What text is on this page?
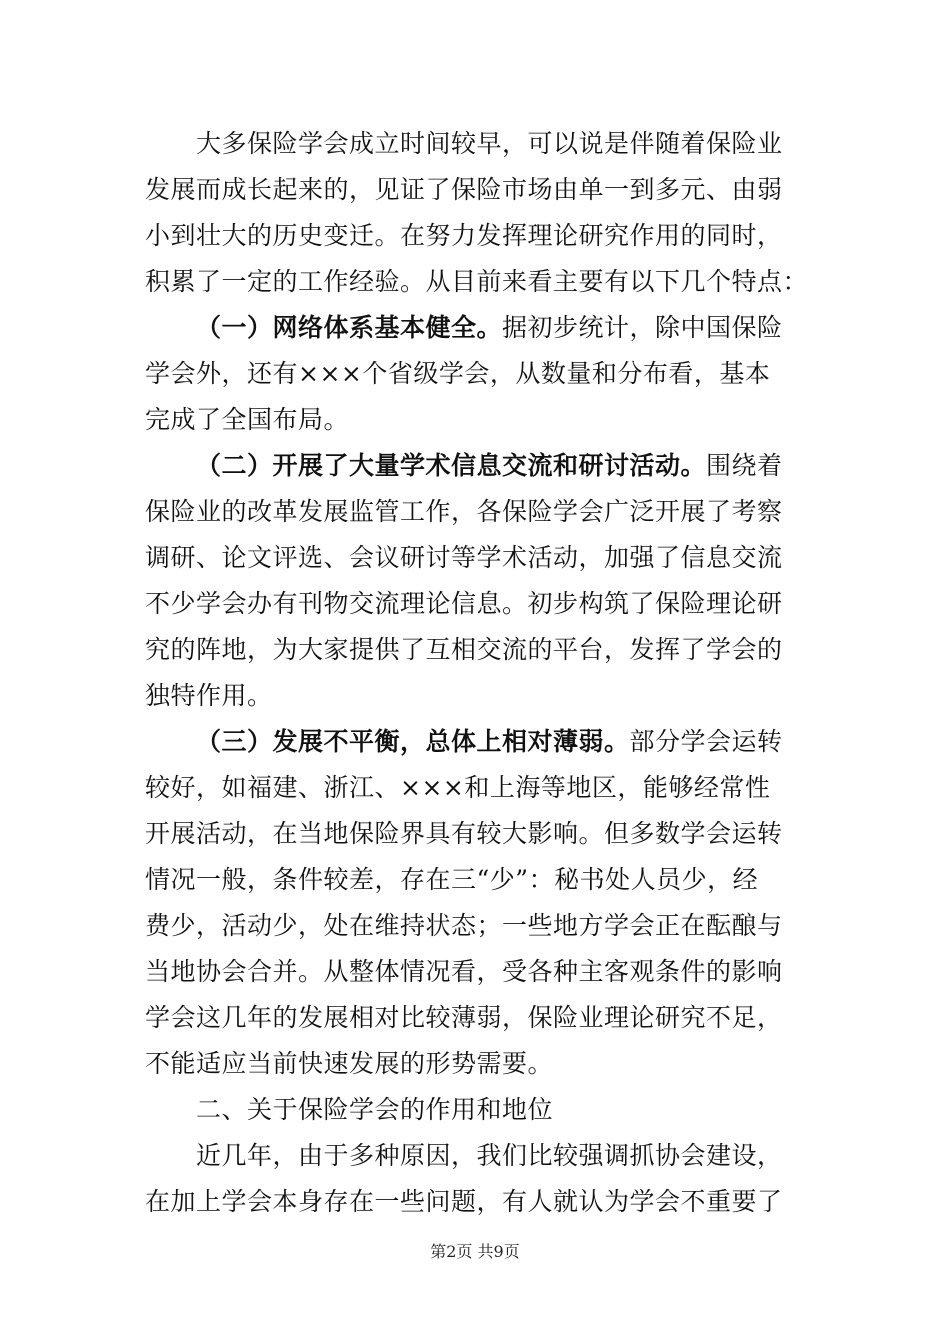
大多保险学会成立时间较早，可以说是伴随着保险业
发展而成长起来的，见证了保险市场由单一到多元、由弱
小到壮大的历史变迁。在努力发挥理论研究作用的同时，
积累了一定的工作经验。从目前来看主要有以下几个特点：
（一）网络体系基本健全。据初步统计，除中国保险
学会外，还有×××个省级学会，从数量和分布看，基本
完成了全国布局。
（二）开展了大量学术信息交流和研讨活动。围绕着
保险业的改革发展监管工作，各保险学会广泛开展了考察
调研、论文评选、会议研讨等学术活动，加强了信息交流
不少学会办有刊物交流理论信息。初步构筑了保险理论研
究的阵地，为大家提供了互相交流的平台，发挥了学会的
独特作用。
（三）发展不平衡，总体上相对薄弱。部分学会运转
较好，如福建、浙江、×××和上海等地区，能够经常性
开展活动，在当地保险界具有较大影响。但多数学会运转
情况一般，条件较差，存在三“少”：秘书处人员少，经
费少，活动少，处在维持状态；一些地方学会正在酝酿与
当地协会合并。从整体情况看，受各种主客观条件的影响
学会这几年的发展相对比较薄弱，保险业理论研究不足，
不能适应当前快速发展的形势需要。
二、关于保险学会的作用和地位
近几年，由于多种原因，我们比较强调抓协会建设，
在加上学会本身存在一些问题，有人就认为学会不重要了
第2页 共9页
